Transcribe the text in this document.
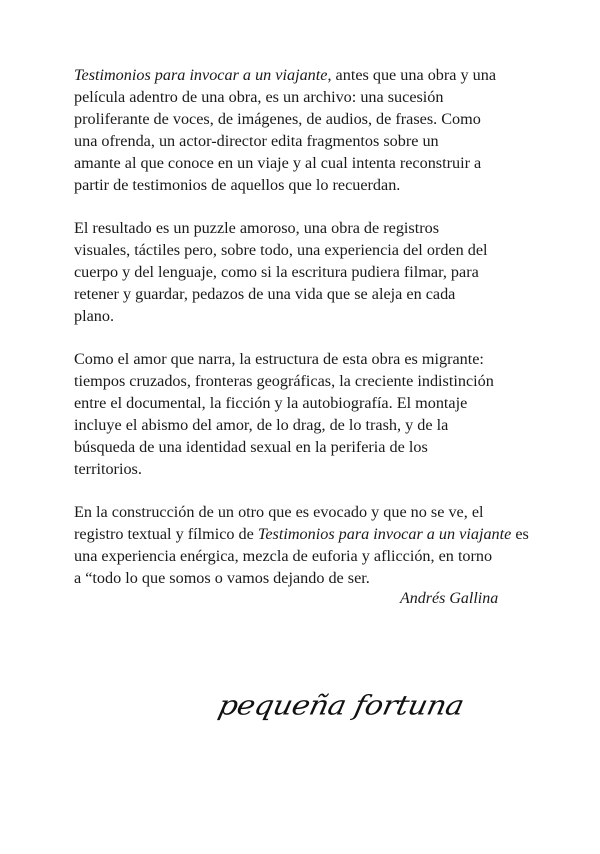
Testimonios para invocar a un viajante, antes que una obra y una
película adentro de una obra, es un archivo: una sucesión
proliferante de voces, de imágenes, de audios, de frases. Como
una ofrenda, un actor-director edita fragmentos sobre un
amante al que conoce en un viaje y al cual intenta reconstruir a
partir de testimonios de aquellos que lo recuerdan.

El resultado es un puzzle amoroso, una obra de registros
visuales, táctiles pero, sobre todo, una experiencia del orden del
cuerpo y del lenguaje, como si la escritura pudiera filmar, para
retener y guardar, pedazos de una vida que se aleja en cada
plano.

Como el amor que narra, la estructura de esta obra es migrante:
tiempos cruzados, fronteras geográficas, la creciente indistinción
entre el documental, la ficción y la autobiografía. El montaje
incluye el abismo del amor, de lo drag, de lo trash, y de la
búsqueda de una identidad sexual en la periferia de los
territorios.

En la construcción de un otro que es evocado y que no se ve, el
registro textual y fílmico de Testimonios para invocar a un viajante es
una experiencia enérgica, mezcla de euforia y aflicción, en torno
a “todo lo que somos o vamos dejando de ser.

Andrés Gallina
pequeña fortuna
